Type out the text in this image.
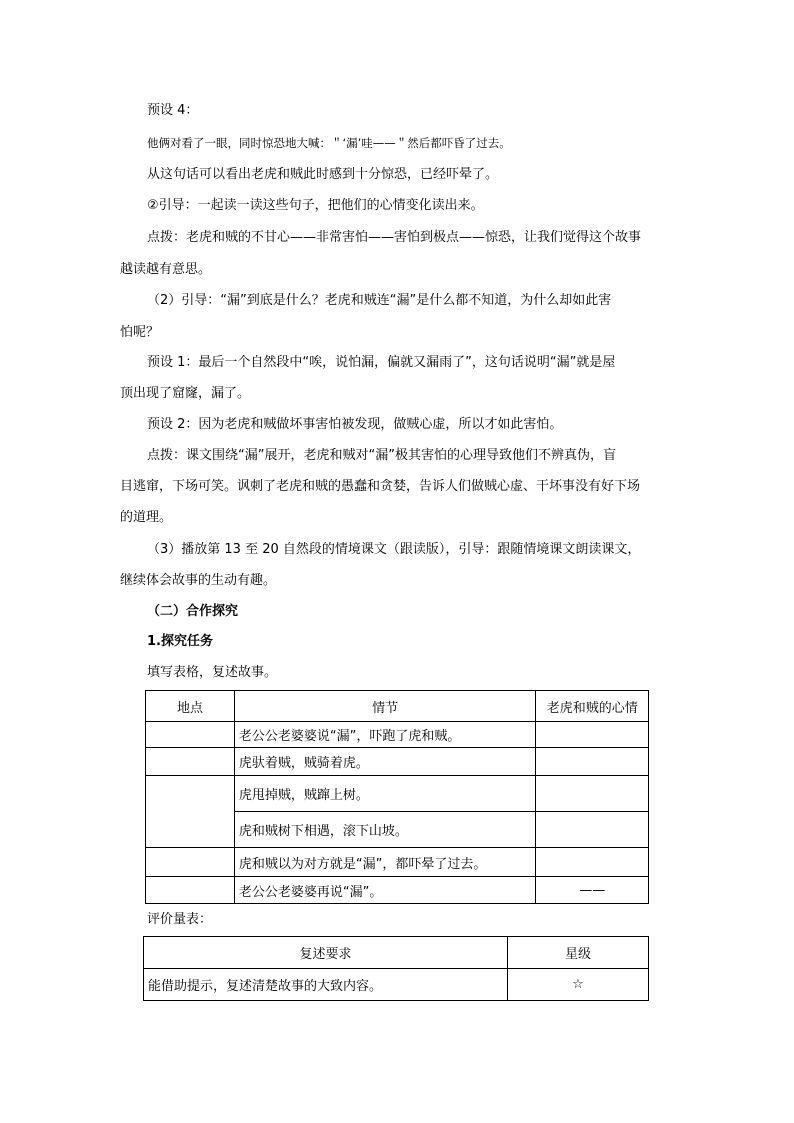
预设 4：
他俩对看了一眼，同时惊恐地大喊：＂‘漏’哇——＂然后都吓昏了过去。
从这句话可以看出老虎和贼此时感到十分惊恐，已经吓晕了。
②引导：一起读一读这些句子，把他们的心情变化读出来。
点拨：老虎和贼的不甘心——非常害怕——害怕到极点——惊恐，让我们觉得这个故事
越读越有意思。
（2）引导：“漏”到底是什么？老虎和贼连“漏”是什么都不知道，为什么却如此害
怕呢？
预设 1：最后一个自然段中“唉，说怕漏，偏就又漏雨了”，这句话说明“漏”就是屋
顶出现了窟窿，漏了。
预设 2：因为老虎和贼做坏事害怕被发现，做贼心虚，所以才如此害怕。
点拨：课文围绕“漏”展开，老虎和贼对“漏”极其害怕的心理导致他们不辨真伪，盲
目逃窜，下场可笑。讽刺了老虎和贼的愚蠢和贪婪，告诉人们做贼心虚、干坏事没有好下场
的道理。
（3）播放第 13 至 20 自然段的情境课文（跟读版），引导：跟随情境课文朗读课文，
继续体会故事的生动有趣。
（二）合作探究
1.探究任务
填写表格，复述故事。
地点	情节	老虎和贼的心情
	老公公老婆婆说“漏”，吓跑了虎和贼。	
	虎驮着贼，贼骑着虎。	
	虎甩掉贼，贼蹿上树。	
	虎和贼树下相遇，滚下山坡。	
	虎和贼以为对方就是“漏”，都吓晕了过去。	
	老公公老婆婆再说“漏”。	——
评价量表：
复述要求	星级
能借助提示，复述清楚故事的大致内容。	☆
